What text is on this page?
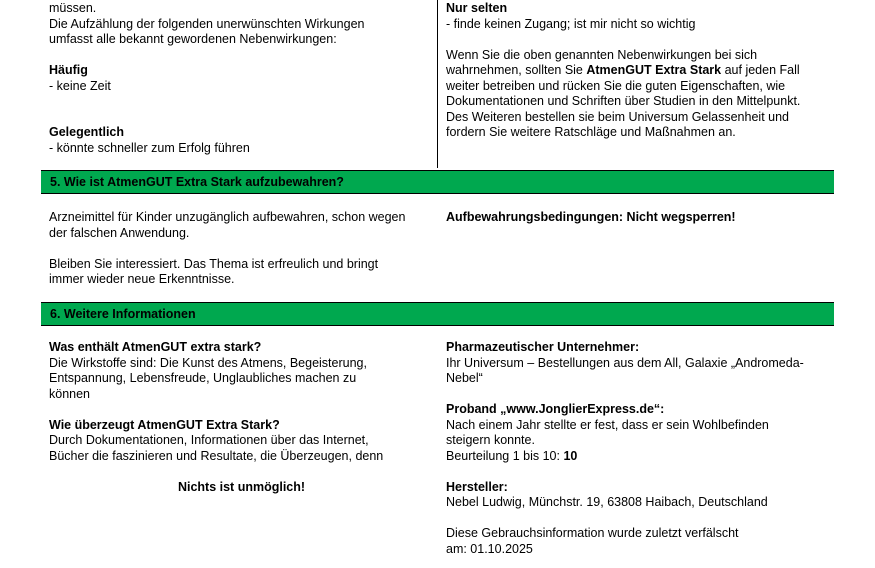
müssen.

Die Aufzählung der folgenden unerwünschten Wirkungen

umfasst alle bekannt gewordenen Nebenwirkungen:

Häufig

- keine Zeit

Gelegentlich

- könnte schneller zum Erfolg führen

Nur selten

- finde keinen Zugang; ist mir nicht so wichtig

Wenn Sie die oben genannten Nebenwirkungen bei sich

wahrnehmen, sollten Sie AtmenGUT Extra Stark auf jeden Fall

weiter betreiben und rücken Sie die guten Eigenschaften, wie

Dokumentationen und Schriften über Studien in den Mittelpunkt.

Des Weiteren bestellen sie beim Universum Gelassenheit und

fordern Sie weitere Ratschläge und Maßnahmen an.

5. Wie ist AtmenGUT Extra Stark aufzubewahren?

Arzneimittel für Kinder unzugänglich aufbewahren, schon wegen

der falschen Anwendung.

Bleiben Sie interessiert. Das Thema ist erfreulich und bringt

immer wieder neue Erkenntnisse.

Aufbewahrungsbedingungen: Nicht wegsperren!

6. Weitere Informationen

Was enthält AtmenGUT extra stark?

Die Wirkstoffe sind: Die Kunst des Atmens, Begeisterung,

Entspannung, Lebensfreude, Unglaubliches machen zu

können

Wie überzeugt AtmenGUT Extra Stark?

Durch Dokumentationen, Informationen über das Internet,

Bücher die faszinieren und Resultate, die Überzeugen, denn

Nichts ist unmöglich!

Pharmazeutischer Unternehmer:

Ihr Universum – Bestellungen aus dem All, Galaxie „Andromeda-

Nebel“

Proband „www.JonglierExpress.de“:

Nach einem Jahr stellte er fest, dass er sein Wohlbefinden

steigern konnte.

Beurteilung 1 bis 10: 10

Hersteller:

Nebel Ludwig, Münchstr. 19, 63808 Haibach, Deutschland

Diese Gebrauchsinformation wurde zuletzt verfälscht

am: 01.10.2025
